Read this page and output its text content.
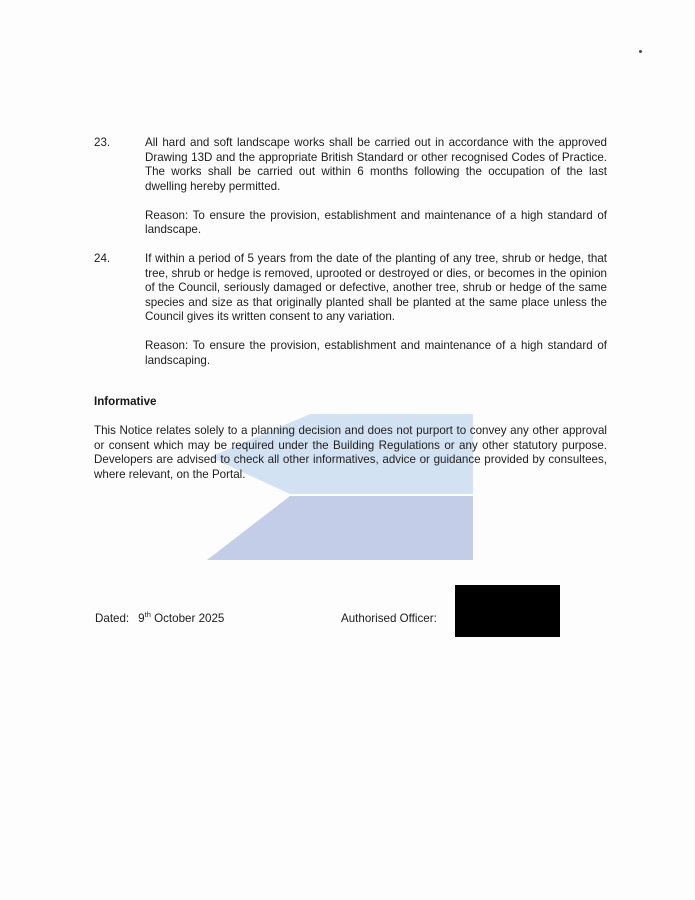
23.	All hard and soft landscape works shall be carried out in accordance with the approved Drawing 13D and the appropriate British Standard or other recognised Codes of Practice. The works shall be carried out within 6 months following the occupation of the last dwelling hereby permitted.

Reason: To ensure the provision, establishment and maintenance of a high standard of landscape.

24.	If within a period of 5 years from the date of the planting of any tree, shrub or hedge, that tree, shrub or hedge is removed, uprooted or destroyed or dies, or becomes in the opinion of the Council, seriously damaged or defective, another tree, shrub or hedge of the same species and size as that originally planted shall be planted at the same place unless the Council gives its written consent to any variation.

Reason: To ensure the provision, establishment and maintenance of a high standard of landscaping.

Informative

This Notice relates solely to a planning decision and does not purport to convey any other approval or consent which may be required under the Building Regulations or any other statutory purpose. Developers are advised to check all other informatives, advice or guidance provided by consultees, where relevant, on the Portal.

Dated: 9th October 2025	Authorised Officer:
